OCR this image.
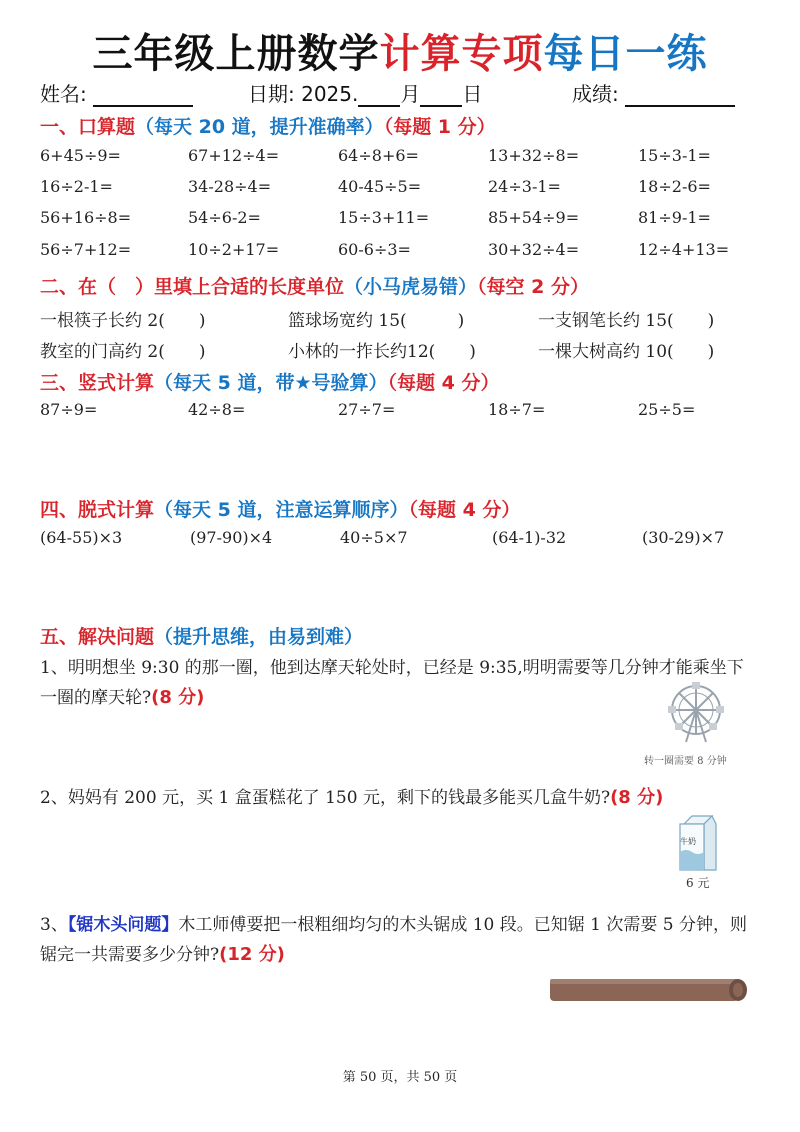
三年级上册数学计算专项每日一练
姓名:	日期: 2025. 月 日	成绩:
一、口算题（每天 20 道，提升准确率）（每题 1 分）
6+45÷9=	67+12÷4=	64÷8+6=	13+32÷8=	15÷3-1=
16÷2-1=	34-28÷4=	40-45÷5=	24÷3-1=	18÷2-6=
56+16÷8=	54÷6-2=	15÷3+11=	85+54÷9=	81÷9-1=
56÷7+12=	10÷2+17=	60-6÷3=	30+32÷4=	12÷4+13=
二、在（　）里填上合适的长度单位（小马虎易错）（每空 2 分）
一根筷子长约 2(　　)	篮球场宽约 15(　　　)	一支钢笔长约 15(　　)
教室的门高约 2(　　)	小林的一拃长约12(　　)	一棵大树高约 10(　　)
三、竖式计算（每天 5 道，带★号验算）（每题 4 分）
87÷9=	42÷8=	27÷7=	18÷7=	25÷5=
四、脱式计算（每天 5 道，注意运算顺序）（每题 4 分）
(64-55)×3	(97-90)×4	40÷5×7	(64-1)-32	(30-29)×7
五、解决问题（提升思维，由易到难）
1、明明想坐 9:30 的那一圈，他到达摩天轮处时，已经是 9:35,明明需要等几分钟才能乘坐下一圈的摩天轮?(8 分)
转一圈需要 8 分钟
2、妈妈有 200 元，买 1 盒蛋糕花了 150 元，剩下的钱最多能买几盒牛奶?(8 分)
牛奶
6 元
3、【锯木头问题】木工师傅要把一根粗细均匀的木头锯成 10 段。已知锯 1 次需要 5 分钟，则锯完一共需要多少分钟?(12 分)
第 50 页，共 50 页
